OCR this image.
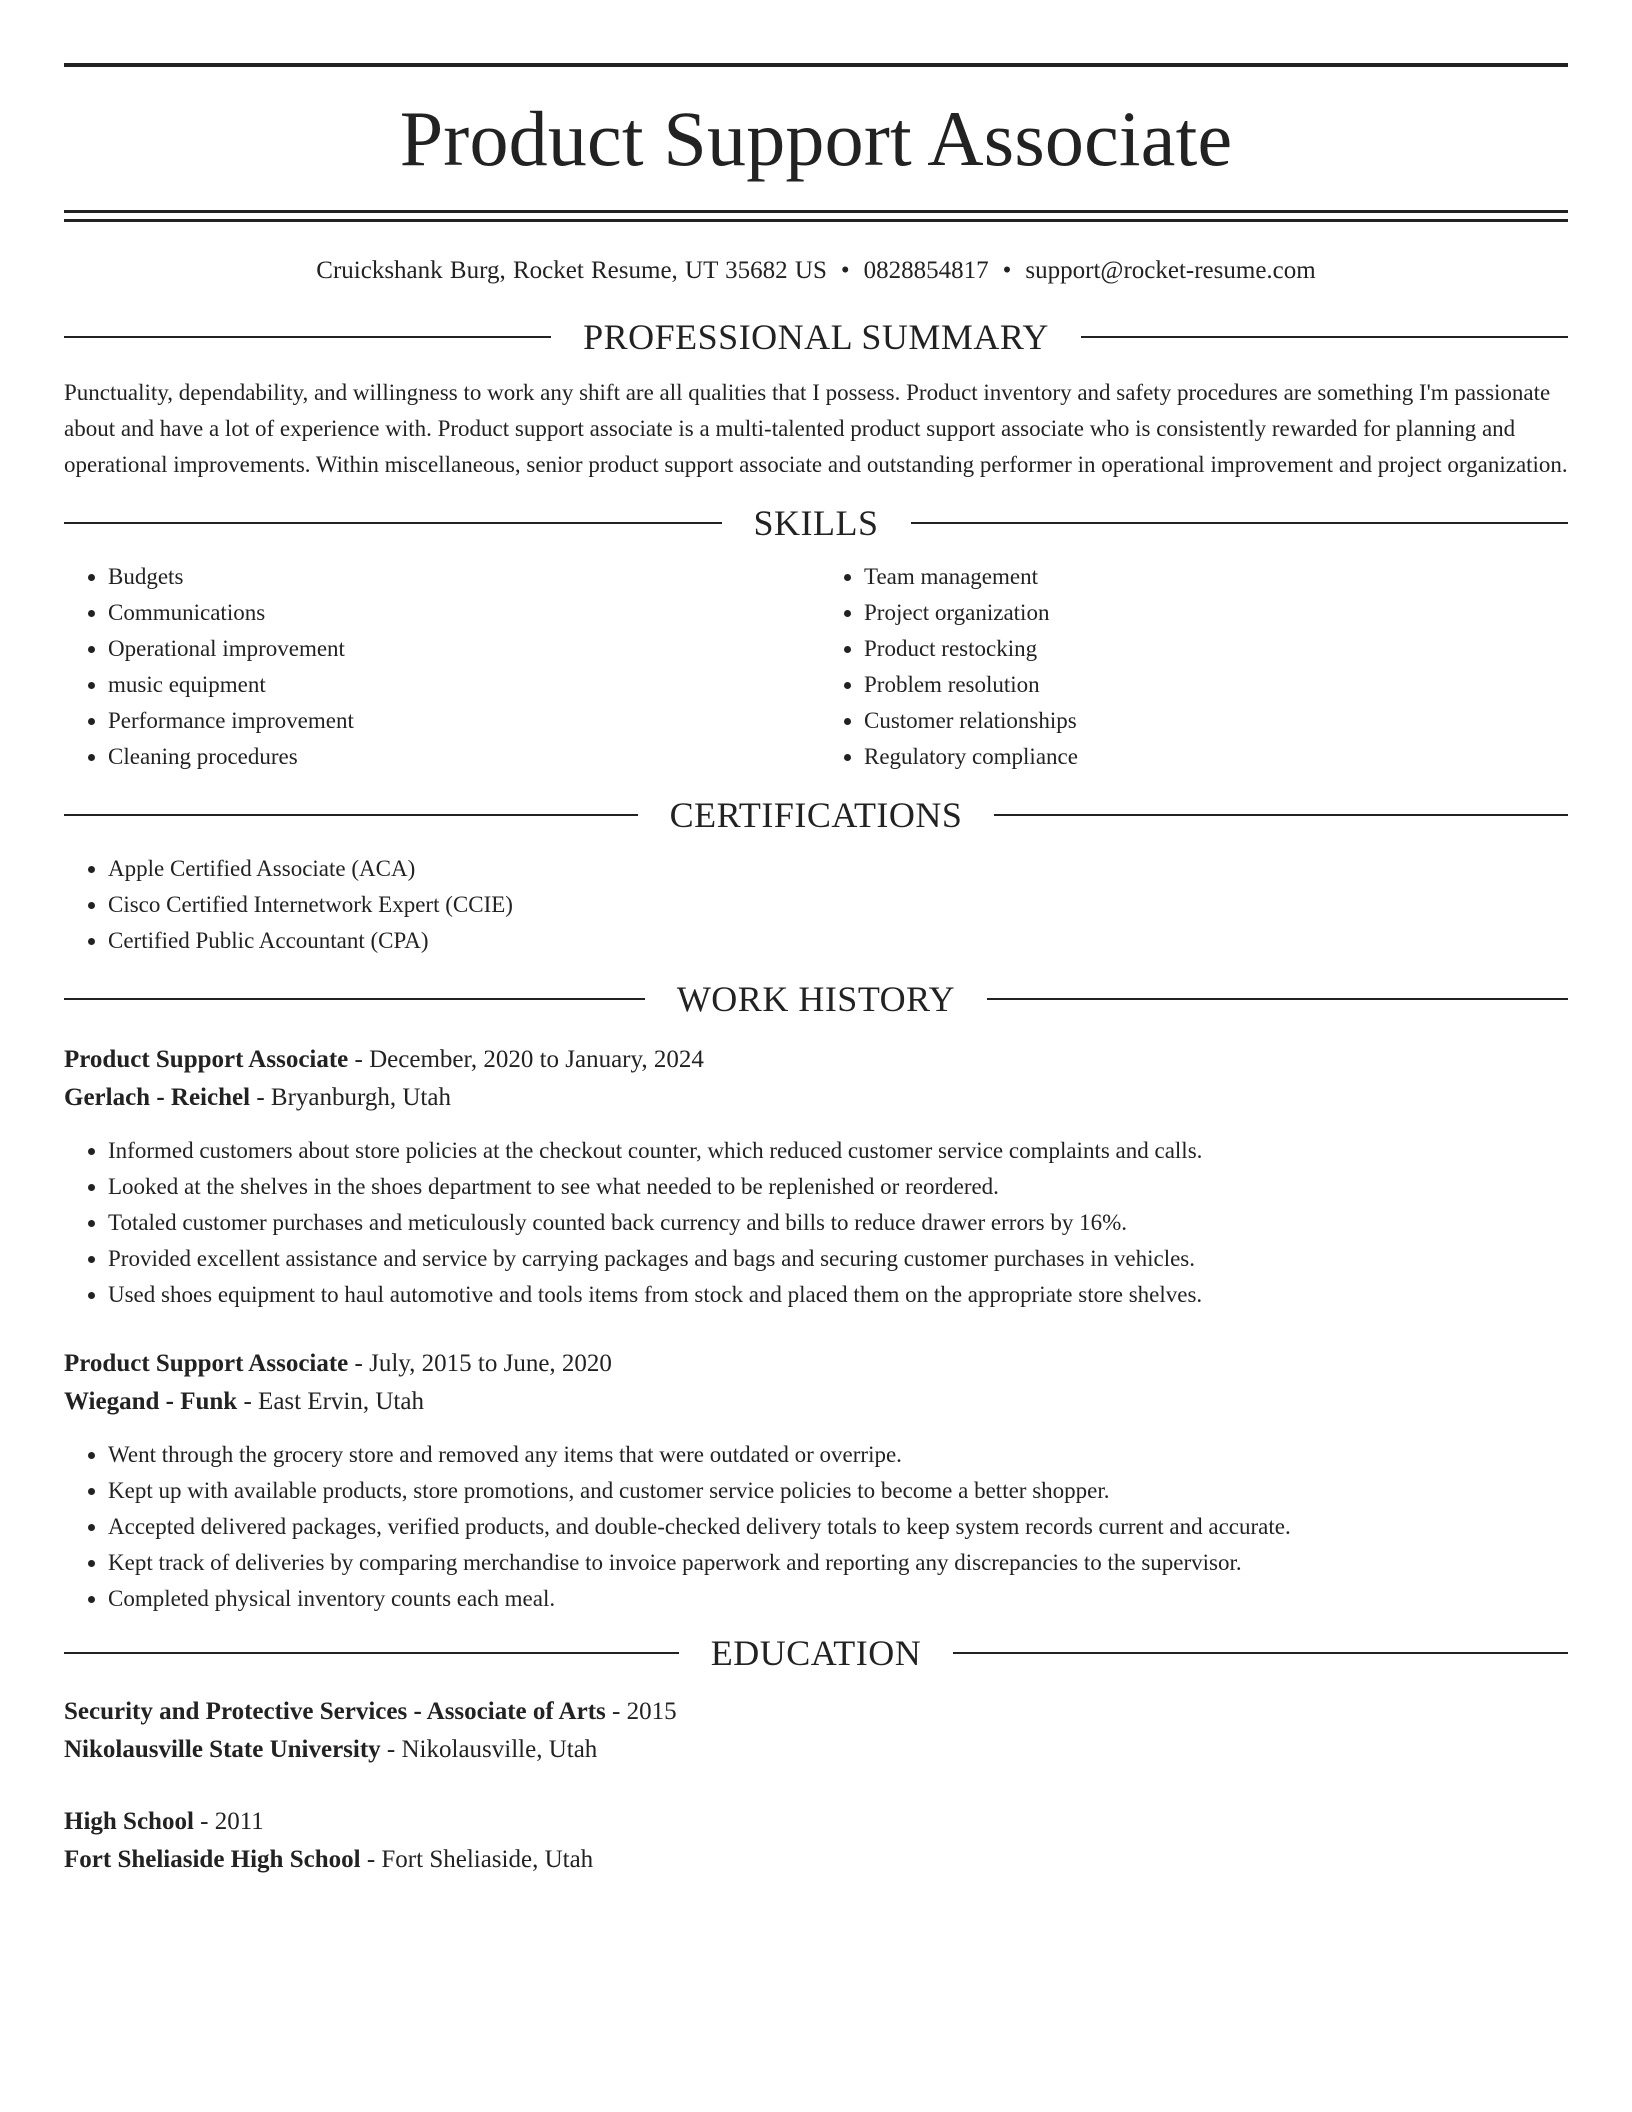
Product Support Associate
Cruickshank Burg, Rocket Resume, UT 35682 US • 0828854817 • support@rocket-resume.com
PROFESSIONAL SUMMARY

Punctuality, dependability, and willingness to work any shift are all qualities that I possess. Product inventory and safety procedures are something I'm passionate about and have a lot of experience with. Product support associate is a multi-talented product support associate who is consistently rewarded for planning and operational improvements. Within miscellaneous, senior product support associate and outstanding performer in operational improvement and project organization.

SKILLS
• Budgets
• Communications
• Operational improvement
• music equipment
• Performance improvement
• Cleaning procedures
• Team management
• Project organization
• Product restocking
• Problem resolution
• Customer relationships
• Regulatory compliance
CERTIFICATIONS
• Apple Certified Associate (ACA)
• Cisco Certified Internetwork Expert (CCIE)
• Certified Public Accountant (CPA)
WORK HISTORY
Product Support Associate - December, 2020 to January, 2024
Gerlach - Reichel - Bryanburgh, Utah
• Informed customers about store policies at the checkout counter, which reduced customer service complaints and calls.
• Looked at the shelves in the shoes department to see what needed to be replenished or reordered.
• Totaled customer purchases and meticulously counted back currency and bills to reduce drawer errors by 16%.
• Provided excellent assistance and service by carrying packages and bags and securing customer purchases in vehicles.
• Used shoes equipment to haul automotive and tools items from stock and placed them on the appropriate store shelves.
Product Support Associate - July, 2015 to June, 2020
Wiegand - Funk - East Ervin, Utah
• Went through the grocery store and removed any items that were outdated or overripe.
• Kept up with available products, store promotions, and customer service policies to become a better shopper.
• Accepted delivered packages, verified products, and double-checked delivery totals to keep system records current and accurate.
• Kept track of deliveries by comparing merchandise to invoice paperwork and reporting any discrepancies to the supervisor.
• Completed physical inventory counts each meal.
EDUCATION
Security and Protective Services - Associate of Arts - 2015
Nikolausville State University - Nikolausville, Utah
High School - 2011
Fort Sheliaside High School - Fort Sheliaside, Utah
